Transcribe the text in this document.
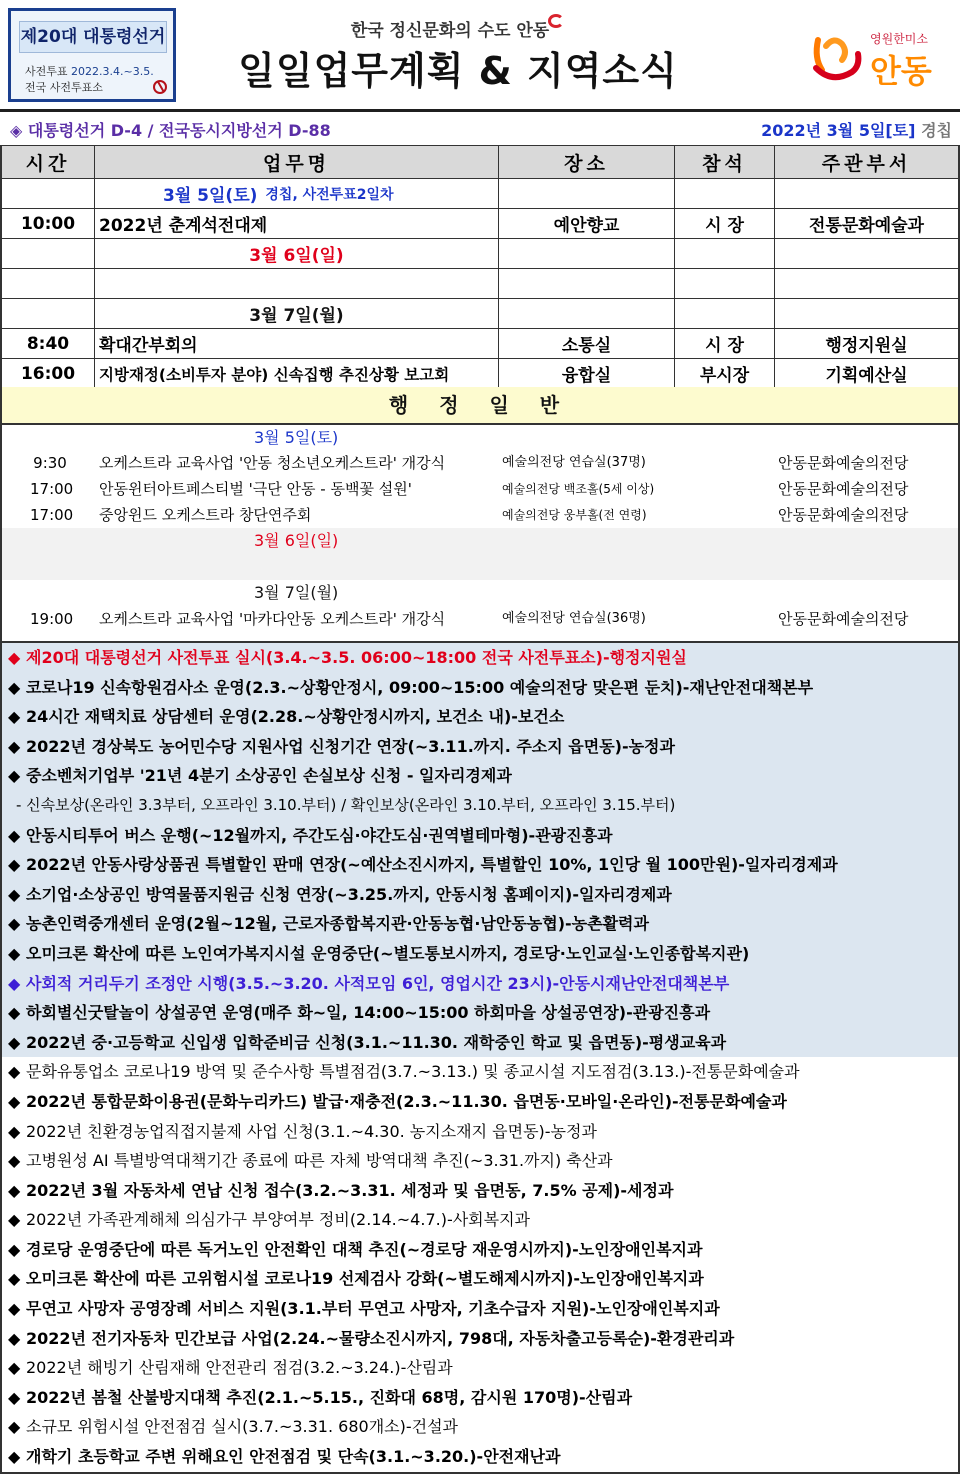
제20대 대통령선거
사전투표 2022.3.4.~3.5.
전국 사전투표소
한국 정신문화의 수도 안동
일일업무계획 & 지역소식
영원한미소
안동
◈ 대통령선거 D-4 / 전국동시지방선거 D-88	2022년 3월 5일[토] 경칩
시간	업무명	장소	참석	주관부서
3월 5일(토) 경칩, 사전투표2일차
10:00	2022년 춘계석전대제	예안향교	시 장	전통문화예술과
3월 6일(일)
3월 7일(월)
8:40	확대간부회의	소통실	시 장	행정지원실
16:00	지방재정(소비투자 분야) 신속집행 추진상황 보고회	융합실	부시장	기획예산실
행 정 일 반
3월 5일(토)
9:30 오케스트라 교육사업 '안동 청소년오케스트라' 개강식	예술의전당 연습실(37명)	안동문화예술의전당
17:00 안동윈터아트페스티벌 '극단 안동 - 동백꽃 설원'	예술의전당 백조홀(5세 이상)	안동문화예술의전당
17:00 중앙윈드 오케스트라 창단연주회	예술의전당 웅부홀(전 연령)	안동문화예술의전당
3월 6일(일)
3월 7일(월)
19:00 오케스트라 교육사업 '마카다안동 오케스트라' 개강식	예술의전당 연습실(36명)	안동문화예술의전당
◆ 제20대 대통령선거 사전투표 실시(3.4.~3.5. 06:00~18:00 전국 사전투표소)-행정지원실
◆ 코로나19 신속항원검사소 운영(2.3.~상황안정시, 09:00~15:00 예술의전당 맞은편 둔치)-재난안전대책본부
◆ 24시간 재택치료 상담센터 운영(2.28.~상황안정시까지, 보건소 내)-보건소
◆ 2022년 경상북도 농어민수당 지원사업 신청기간 연장(~3.11.까지. 주소지 읍면동)-농정과
◆ 중소벤처기업부 '21년 4분기 소상공인 손실보상 신청 - 일자리경제과
- 신속보상(온라인 3.3부터, 오프라인 3.10.부터) / 확인보상(온라인 3.10.부터, 오프라인 3.15.부터)
◆ 안동시티투어 버스 운행(~12월까지, 주간도심·야간도심·권역별테마형)-관광진흥과
◆ 2022년 안동사랑상품권 특별할인 판매 연장(~예산소진시까지, 특별할인 10%, 1인당 월 100만원)-일자리경제과
◆ 소기업·소상공인 방역물품지원금 신청 연장(~3.25.까지, 안동시청 홈페이지)-일자리경제과
◆ 농촌인력중개센터 운영(2월~12월, 근로자종합복지관·안동농협·남안동농협)-농촌활력과
◆ 오미크론 확산에 따른 노인여가복지시설 운영중단(~별도통보시까지, 경로당·노인교실·노인종합복지관)
◆ 사회적 거리두기 조정안 시행(3.5.~3.20. 사적모임 6인, 영업시간 23시)-안동시재난안전대책본부
◆ 하회별신굿탈놀이 상설공연 운영(매주 화~일, 14:00~15:00 하회마을 상설공연장)-관광진흥과
◆ 2022년 중·고등학교 신입생 입학준비금 신청(3.1.~11.30. 재학중인 학교 및 읍면동)-평생교육과
◆ 문화유통업소 코로나19 방역 및 준수사항 특별점검(3.7.~3.13.) 및 종교시설 지도점검(3.13.)-전통문화예술과
◆ 2022년 통합문화이용권(문화누리카드) 발급·재충전(2.3.~11.30. 읍면동·모바일·온라인)-전통문화예술과
◆ 2022년 친환경농업직접지불제 사업 신청(3.1.~4.30. 농지소재지 읍면동)-농정과
◆ 고병원성 AI 특별방역대책기간 종료에 따른 자체 방역대책 추진(~3.31.까지) 축산과
◆ 2022년 3월 자동차세 연납 신청 접수(3.2.~3.31. 세정과 및 읍면동, 7.5% 공제)-세정과
◆ 2022년 가족관계해체 의심가구 부양여부 정비(2.14.~4.7.)-사회복지과
◆ 경로당 운영중단에 따른 독거노인 안전확인 대책 추진(~경로당 재운영시까지)-노인장애인복지과
◆ 오미크론 확산에 따른 고위험시설 코로나19 선제검사 강화(~별도해제시까지)-노인장애인복지과
◆ 무연고 사망자 공영장례 서비스 지원(3.1.부터 무연고 사망자, 기초수급자 지원)-노인장애인복지과
◆ 2022년 전기자동차 민간보급 사업(2.24.~물량소진시까지, 798대, 자동차출고등록순)-환경관리과
◆ 2022년 해빙기 산림재해 안전관리 점검(3.2.~3.24.)-산림과
◆ 2022년 봄철 산불방지대책 추진(2.1.~5.15., 진화대 68명, 감시원 170명)-산림과
◆ 소규모 위험시설 안전점검 실시(3.7.~3.31. 680개소)-건설과
◆ 개학기 초등학교 주변 위해요인 안전점검 및 단속(3.1.~3.20.)-안전재난과
